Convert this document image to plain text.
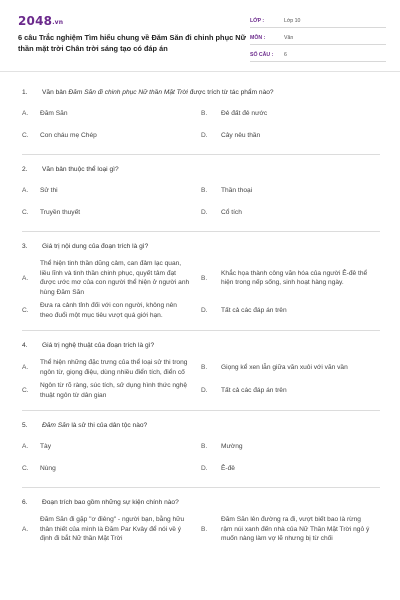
2048.vn
6 câu Trắc nghiệm Tìm hiểu chung về Đăm Săn đi chinh phục Nữ thần mặt trời Chân trời sáng tạo có đáp án
LỚP :	Lớp 10
MÔN :	Văn
SỐ CÂU :	6
1.	Văn bản Đăm Săn đi chinh phục Nữ thần Mặt Trời được trích từ tác phẩm nào?
A.	Đăm Săn	B.	Đẻ đất đẻ nước
C.	Con cháu mẹ Chép	D.	Cây nêu thần
2.	Văn bản thuộc thể loại gì?
A.	Sử thi	B.	Thần thoại
C.	Truyền thuyết	D.	Cổ tích
3.	Giá trị nội dung của đoạn trích là gì?
A.
Thể hiện tinh thần dũng cảm, can đảm lạc quan, liều lĩnh và tinh thần chinh phục, quyết tâm đạt được ước mơ của con người thể hiện ở người anh hùng Đăm Săn
B.
Khắc họa thành công văn hóa của người Ê-đê thể hiện trong nếp sống, sinh hoạt hàng ngày.
C.
Đưa ra cảnh tỉnh đối với con người, không nên theo đuổi một mục tiêu vượt quá giới hạn.
D.	Tất cả các đáp án trên
4.	Giá trị nghệ thuật của đoạn trích là gì?
A.
Thể hiện những đặc trưng của thể loại sử thi trong ngôn từ, giọng điệu, dùng nhiều điển tích, điển cố
B.	Giọng kể xen lẫn giữa văn xuôi với văn vần
C.
Ngôn từ rõ ràng, súc tích, sử dụng hình thức nghệ thuật ngôn từ dân gian
D.	Tất cả các đáp án trên
5.	Đăm Săn là sử thi của dân tộc nào?
A.	Tày	B.	Mường
C.	Nùng	D.	Ê-đê
6.	Đoạn trích bao gồm những sự kiện chính nào?
A.
Đăm Săn đi gặp "ơ điêng" - người bạn, bằng hữu thân thiết của mình là Đăm Par Kvây để nói về ý định đi bắt Nữ thần Mặt Trời
B.
Đăm Săn lên đường ra đi, vượt biết bao là rừng rậm núi xanh đến nhà của Nữ Thần Mặt Trời ngỏ ý muốn nàng làm vợ lẽ nhưng bị từ chối
